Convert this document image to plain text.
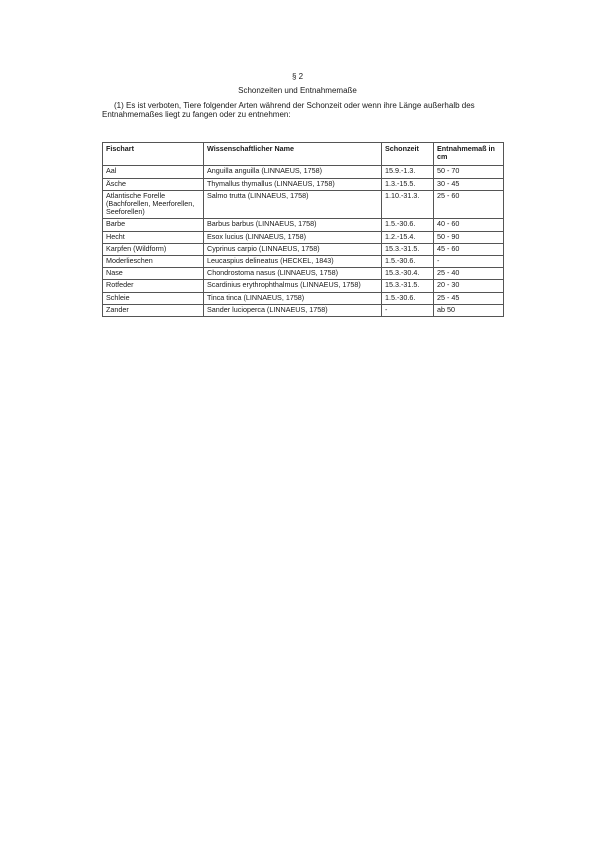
§ 2
Schonzeiten und Entnahmemaße
(1) Es ist verboten, Tiere folgender Arten während der Schonzeit oder wenn ihre Länge außerhalb des Entnahmemaßes liegt zu fangen oder zu entnehmen:
Fischart	Wissenschaftlicher Name	Schonzeit	Entnahmemaß in cm
Aal	Anguilla anguilla (LINNAEUS, 1758)	15.9.-1.3.	50 - 70
Äsche	Thymallus thymallus (LINNAEUS, 1758)	1.3.-15.5.	30 - 45
Atlantische Forelle (Bachforellen, Meerforellen, Seeforellen)	Salmo trutta (LINNAEUS, 1758)	1.10.-31.3.	25 - 60
Barbe	Barbus barbus (LINNAEUS, 1758)	1.5.-30.6.	40 - 60
Hecht	Esox lucius (LINNAEUS, 1758)	1.2.-15.4.	50 - 90
Karpfen (Wildform)	Cyprinus carpio (LINNAEUS, 1758)	15.3.-31.5.	45 - 60
Moderlieschen	Leucaspius delineatus (HECKEL, 1843)	1.5.-30.6.	-
Nase	Chondrostoma nasus (LINNAEUS, 1758)	15.3.-30.4.	25 - 40
Rotfeder	Scardinius erythrophthalmus (LINNAEUS, 1758)	15.3.-31.5.	20 - 30
Schleie	Tinca tinca (LINNAEUS, 1758)	1.5.-30.6.	25 - 45
Zander	Sander lucioperca (LINNAEUS, 1758)	-	ab 50
